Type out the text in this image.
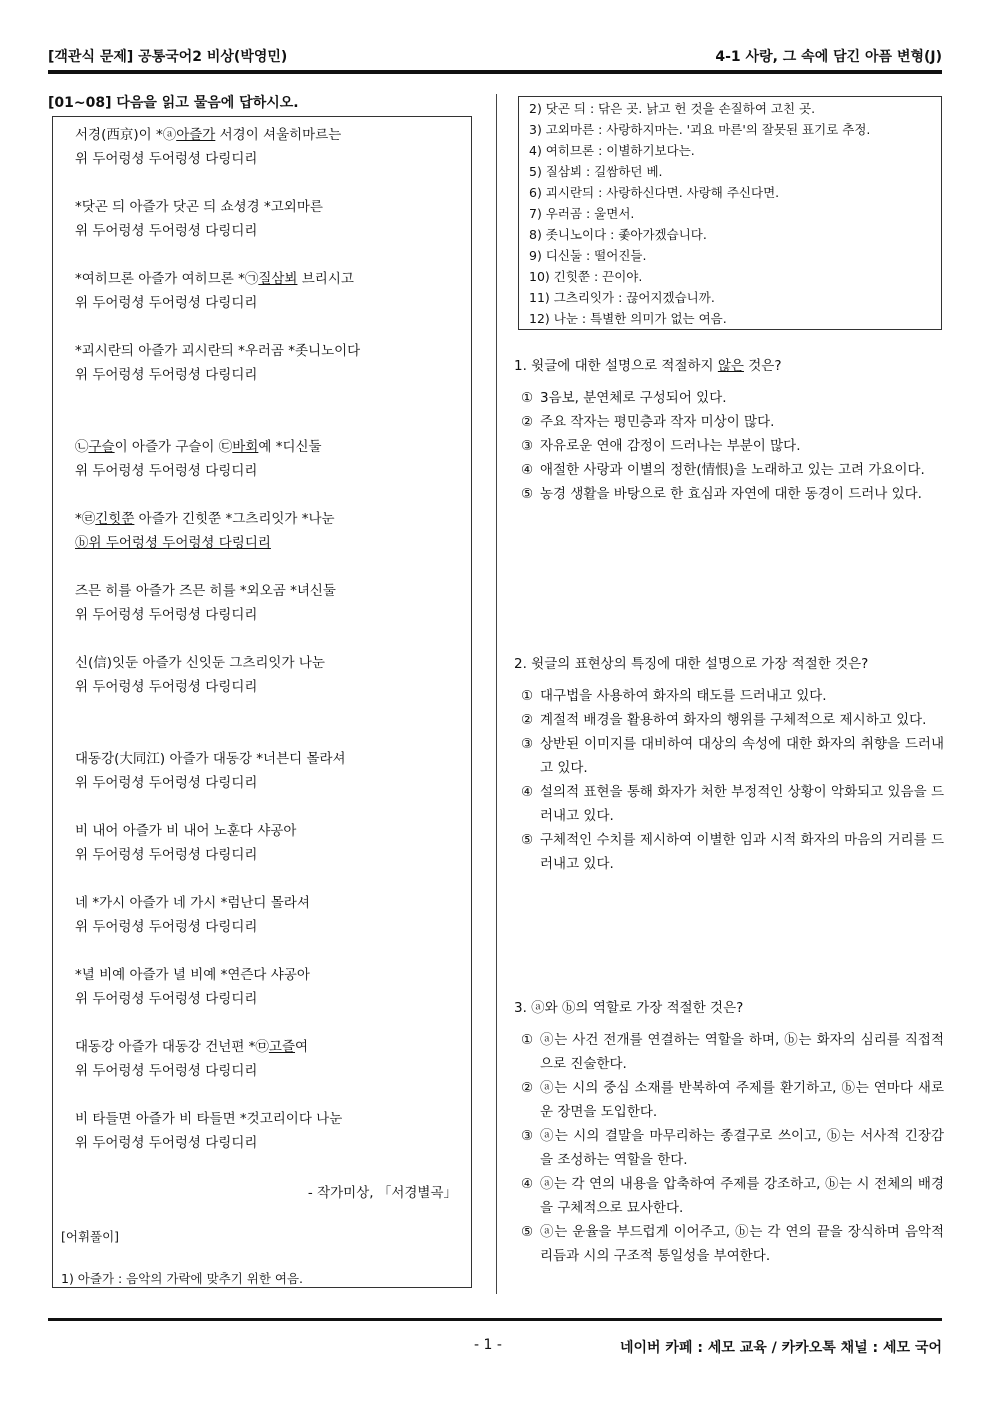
[객관식 문제] 공통국어2 비상(박영민)	4-1 사랑, 그 속에 담긴 아픔 변형(J)
[01~08] 다음을 읽고 물음에 답하시오.
서경(西京)이 *ⓐ아즐가 서경이 셔울히마르는
위 두어렁셩 두어렁셩 다링디리
*닷곤 듸 아즐가 닷곤 듸 쇼셩경 *고외마른
위 두어렁셩 두어렁셩 다링디리
*여히므론 아즐가 여히므론 *㉠질삼뵈 브리시고
위 두어렁셩 두어렁셩 다링디리
*괴시란듸 아즐가 괴시란듸 *우러곰 *좃니노이다
위 두어렁셩 두어렁셩 다링디리
㉡구슬이 아즐가 구슬이 ㉢바회예 *디신둘
위 두어렁셩 두어렁셩 다링디리
*㉣긴힛쭌 아즐가 긴힛쭌 *그츠리잇가 *나눈
ⓑ위 두어렁셩 두어렁셩 다링디리
즈믄 히를 아즐가 즈믄 히를 *외오곰 *녀신둘
위 두어렁셩 두어렁셩 다링디리
신(信)잇둔 아즐가 신잇둔 그츠리잇가 나눈
위 두어렁셩 두어렁셩 다링디리
대동강(大同江) 아즐가 대동강 *너븐디 몰라셔
위 두어렁셩 두어렁셩 다링디리
비 내어 아즐가 비 내어 노훈다 샤공아
위 두어렁셩 두어렁셩 다링디리
네 *가시 아즐가 네 가시 *럼난디 몰라셔
위 두어렁셩 두어렁셩 다링디리
*녈 비예 아즐가 녈 비예 *연즌다 샤공아
위 두어렁셩 두어렁셩 다링디리
대동강 아즐가 대동강 건넌편 *㉤고즐여
위 두어렁셩 두어렁셩 다링디리
비 타들면 아즐가 비 타들면 *것고리이다 나눈
위 두어렁셩 두어렁셩 다링디리
- 작가미상, 「서경별곡」
[어휘풀이]
1) 아즐가 : 음악의 가락에 맞추기 위한 여음.
2) 닷곤 듸 : 닦은 곳. 낡고 헌 것을 손질하여 고친 곳.
3) 고외마른 : 사랑하지마는. '괴요 마른'의 잘못된 표기로 추정.
4) 여히므론 : 이별하기보다는.
5) 질삼뵈 : 길쌈하던 베.
6) 괴시란듸 : 사랑하신다면. 사랑해 주신다면.
7) 우러곰 : 울면서.
8) 좃니노이다 : 좇아가겠습니다.
9) 디신둘 : 떨어진들.
10) 긴힛쭌 : 끈이야.
11) 그츠리잇가 : 끊어지겠습니까.
12) 나눈 : 특별한 의미가 없는 여음.
1. 윗글에 대한 설명으로 적절하지 않은 것은?
① 3음보, 분연체로 구성되어 있다.
② 주요 작자는 평민층과 작자 미상이 많다.
③ 자유로운 연애 감정이 드러나는 부분이 많다.
④ 애절한 사랑과 이별의 정한(情恨)을 노래하고 있는 고려 가요이다.
⑤ 농경 생활을 바탕으로 한 효심과 자연에 대한 동경이 드러나 있다.
2. 윗글의 표현상의 특징에 대한 설명으로 가장 적절한 것은?
① 대구법을 사용하여 화자의 태도를 드러내고 있다.
② 계절적 배경을 활용하여 화자의 행위를 구체적으로 제시하고 있다.
③ 상반된 이미지를 대비하여 대상의 속성에 대한 화자의 취향을 드러내고 있다.
④ 설의적 표현을 통해 화자가 처한 부정적인 상황이 악화되고 있음을 드러내고 있다.
⑤ 구체적인 수치를 제시하여 이별한 임과 시적 화자의 마음의 거리를 드러내고 있다.
3. ⓐ와 ⓑ의 역할로 가장 적절한 것은?
① ⓐ는 사건 전개를 연결하는 역할을 하며, ⓑ는 화자의 심리를 직접적으로 진술한다.
② ⓐ는 시의 중심 소재를 반복하여 주제를 환기하고, ⓑ는 연마다 새로운 장면을 도입한다.
③ ⓐ는 시의 결말을 마무리하는 종결구로 쓰이고, ⓑ는 서사적 긴장감을 조성하는 역할을 한다.
④ ⓐ는 각 연의 내용을 압축하여 주제를 강조하고, ⓑ는 시 전체의 배경을 구체적으로 묘사한다.
⑤ ⓐ는 운율을 부드럽게 이어주고, ⓑ는 각 연의 끝을 장식하며 음악적 리듬과 시의 구조적 통일성을 부여한다.
- 1 -	네이버 카페 : 세모 교육 / 카카오톡 채널 : 세모 국어
